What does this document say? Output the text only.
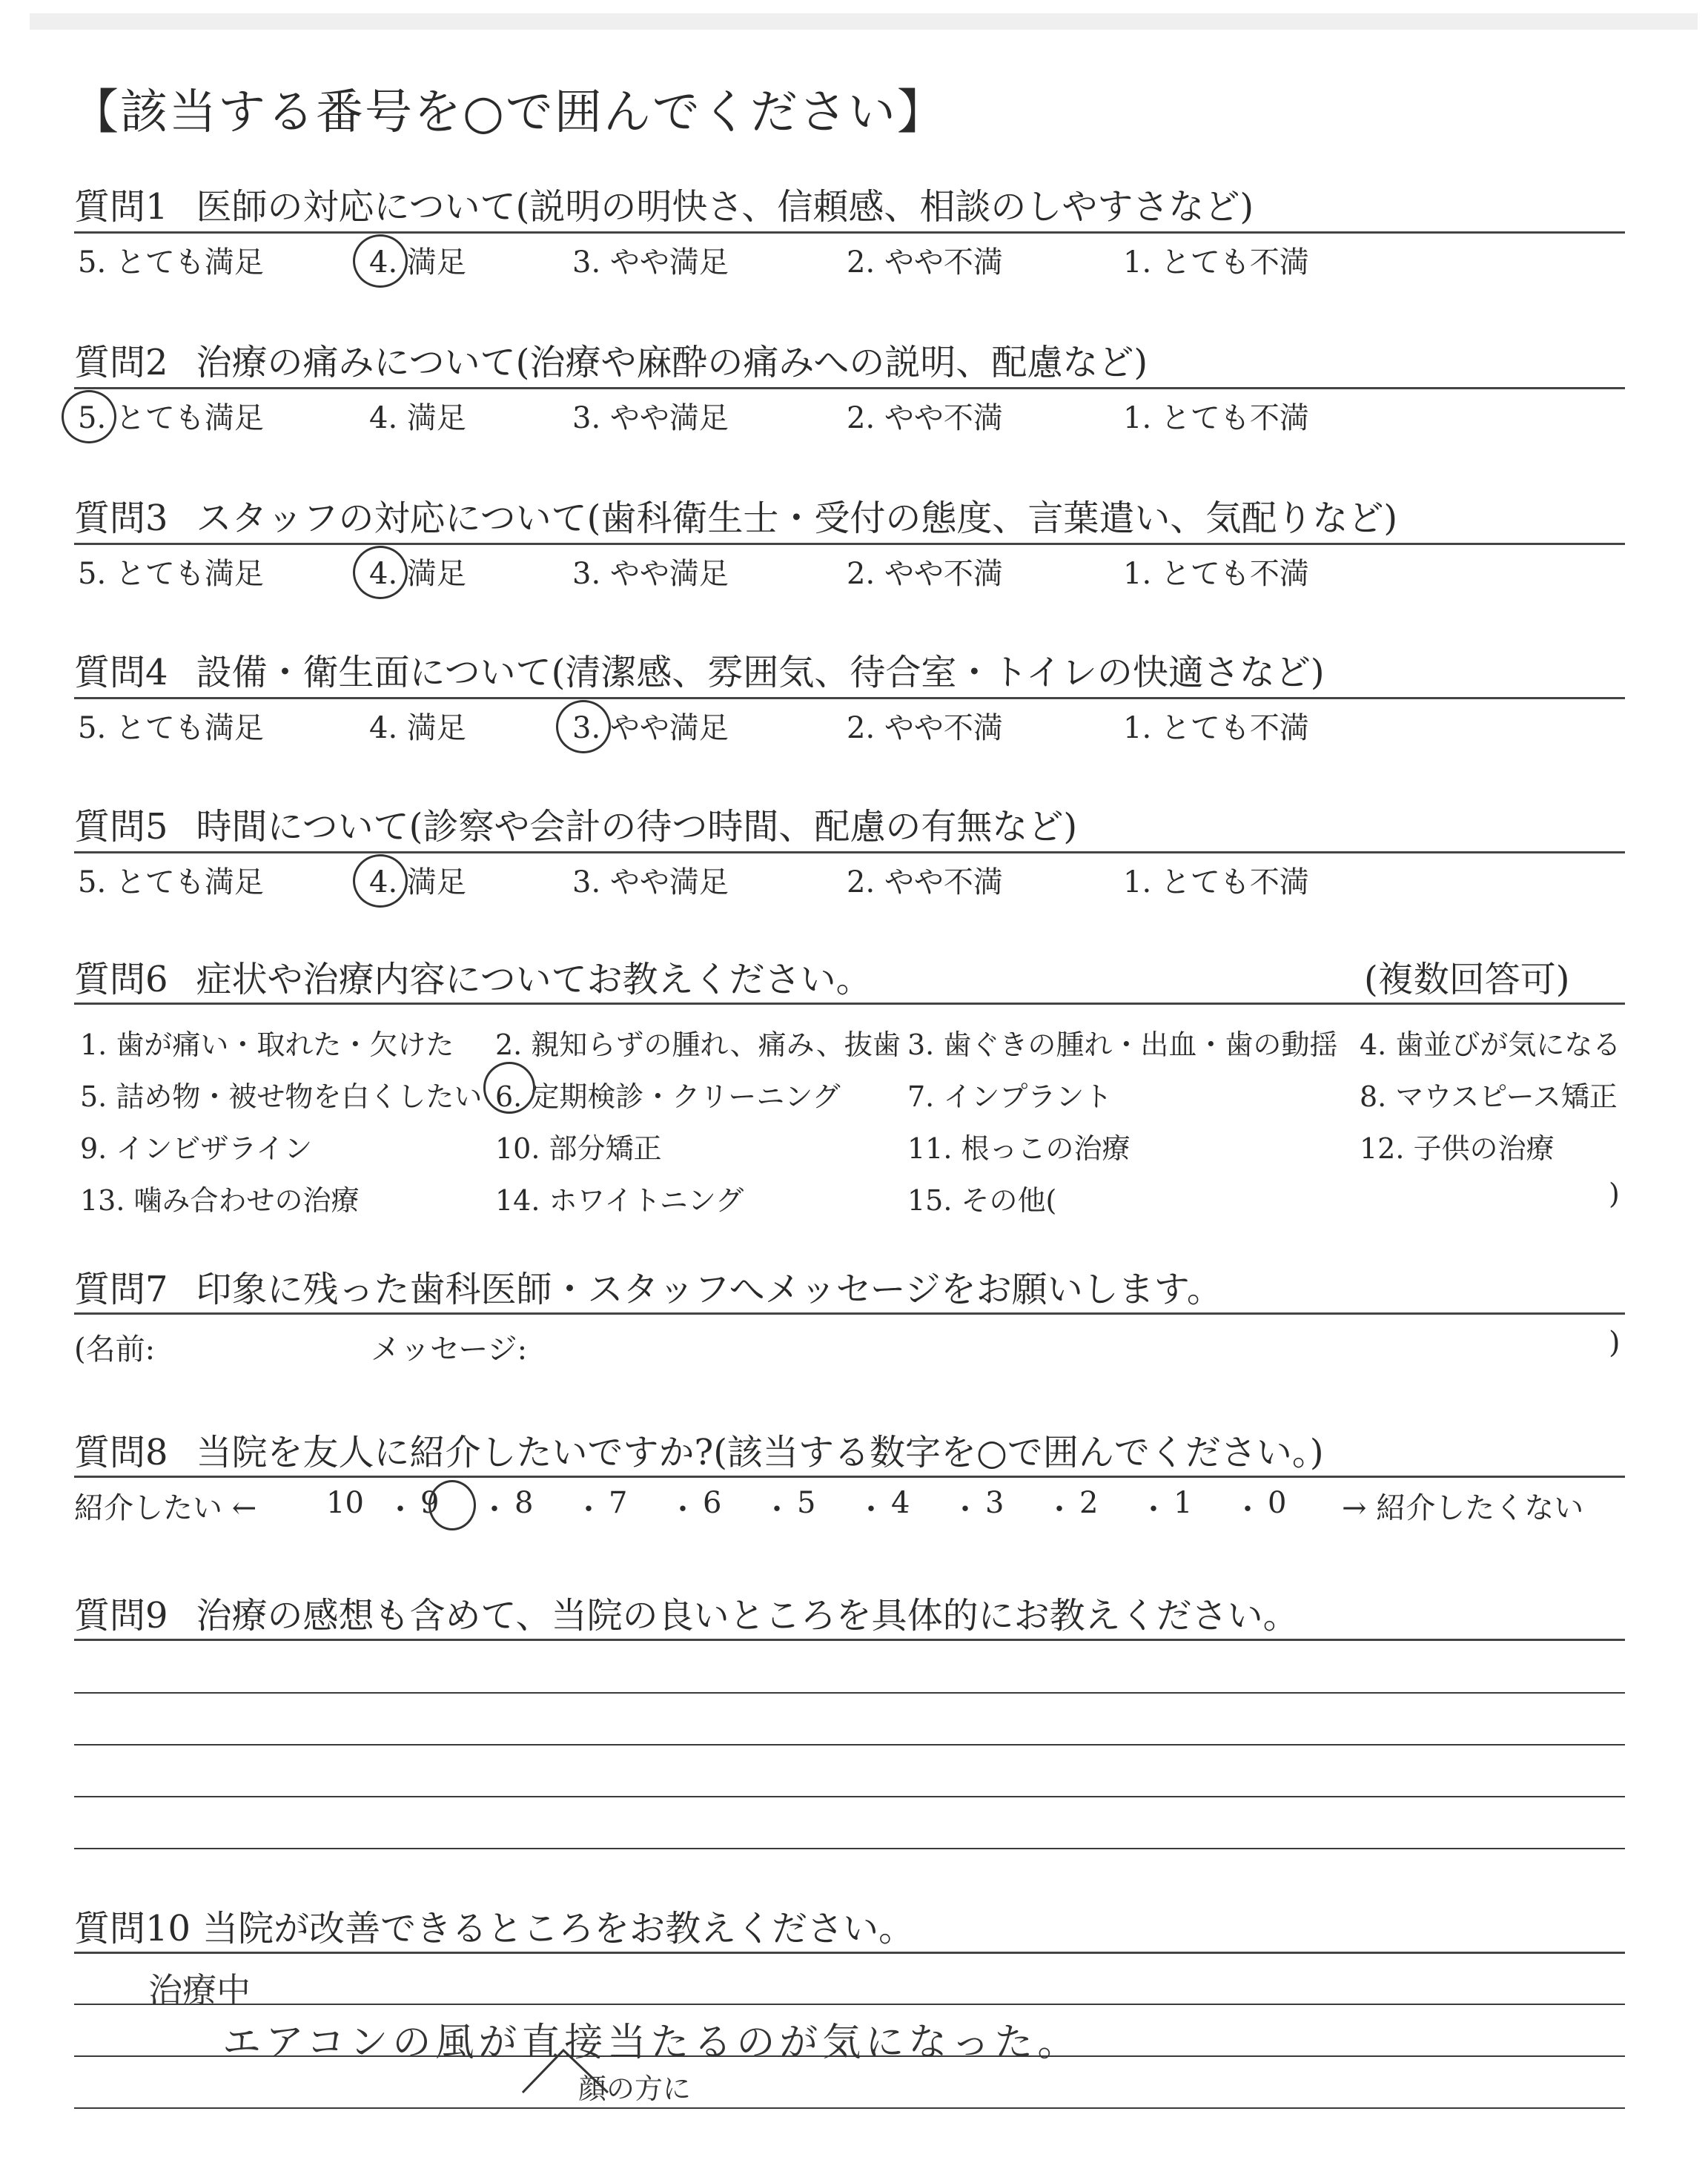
【該当する番号を○で囲んでください】
質問1 医師の対応について(説明の明快さ、信頼感、相談のしやすさなど)
5. とても満足	4. 満足	3. やや満足	2. やや不満	1. とても不満
質問2 治療の痛みについて(治療や麻酔の痛みへの説明、配慮など)
5. とても満足	4. 満足	3. やや満足	2. やや不満	1. とても不満
質問3 スタッフの対応について(歯科衛生士・受付の態度、言葉遣い、気配りなど)
5. とても満足	4. 満足	3. やや満足	2. やや不満	1. とても不満
質問4 設備・衛生面について(清潔感、雰囲気、待合室・トイレの快適さなど)
5. とても満足	4. 満足	3. やや満足	2. やや不満	1. とても不満
質問5 時間について(診察や会計の待つ時間、配慮の有無など)
5. とても満足	4. 満足	3. やや満足	2. やや不満	1. とても不満
質問6 症状や治療内容についてお教えください。	(複数回答可)
1. 歯が痛い・取れた・欠けた 2. 親知らずの腫れ、痛み、抜歯 3. 歯ぐきの腫れ・出血・歯の動揺 4. 歯並びが気になる
5. 詰め物・被せ物を白くしたい 6. 定期検診・クリーニング 7. インプラント	8. マウスピース矯正
9. インビザライン	10. 部分矯正	11. 根っこの治療	12. 子供の治療
13. 噛み合わせの治療	14. ホワイトニング	15. その他(	)
質問7 印象に残った歯科医師・スタッフへメッセージをお願いします。
(名前:	メッセージ:	)
質問8 当院を友人に紹介したいですか?(該当する数字を○で囲んでください。)
紹介したい ← 10 ・ 9 ・ 8 ・ 7 ・ 6 ・ 5 ・ 4 ・ 3 ・ 2 ・ 1 ・ 0 → 紹介したくない
質問9 治療の感想も含めて、当院の良いところを具体的にお教えください。
質問10 当院が改善できるところをお教えください。
治療中
エアコンの風が直接当たるのが気になった。
顔の方に
